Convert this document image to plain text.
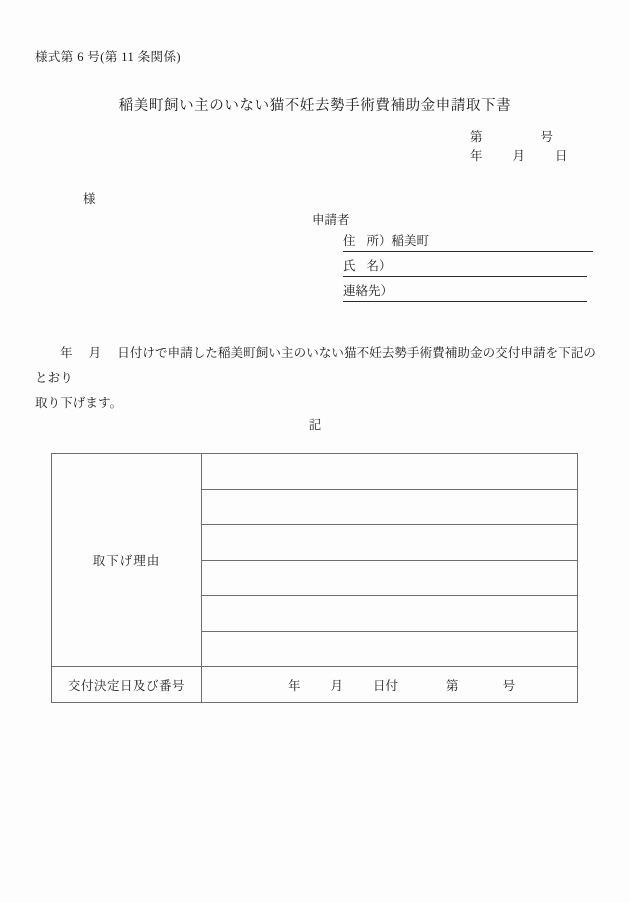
様式第 6 号(第 11 条関係)
稲美町飼い主のいない猫不妊去勢手術費補助金申請取下書
第	号
年 月 日
様
申請者
住 所）稲美町
氏 名）
連絡先）
年 月 日付けで申請した稲美町飼い主のいない猫不妊去勢手術費補助金の交付申請を下記のとおり
取り下げます。
記
取下げ理由	

交付決定日及び番号	年 月 日付 第 号
